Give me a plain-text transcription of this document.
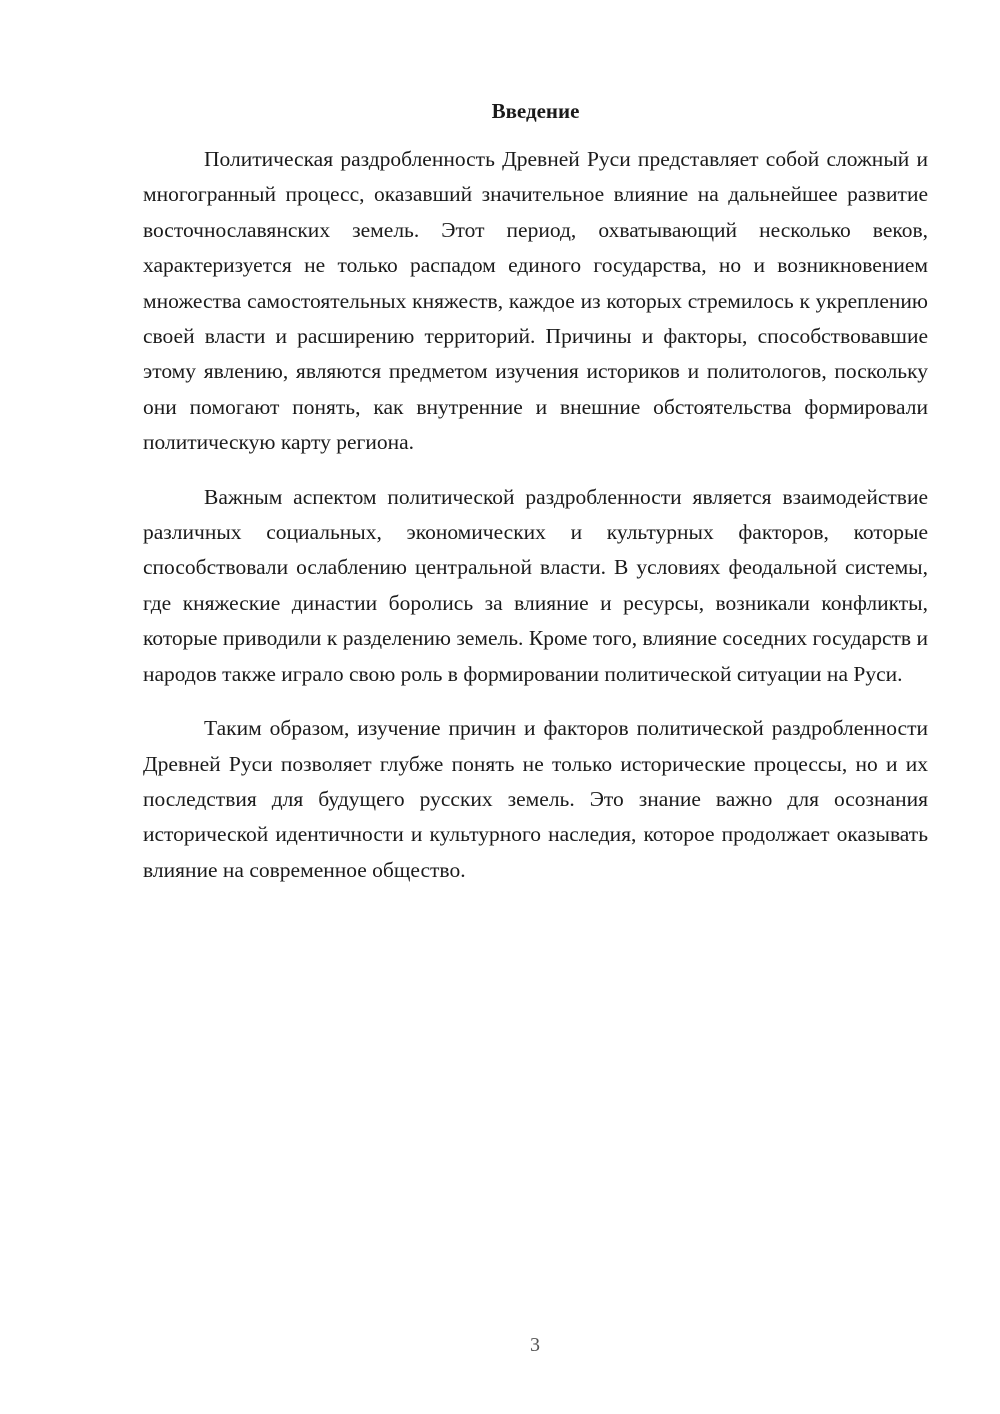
Введение

Политическая раздробленность Древней Руси представляет собой сложный и многогранный процесс, оказавший значительное влияние на дальнейшее развитие восточнославянских земель. Этот период, охватывающий несколько веков, характеризуется не только распадом единого государства, но и возникновением множества самостоятельных княжеств, каждое из которых стремилось к укреплению своей власти и расширению территорий. Причины и факторы, способствовавшие этому явлению, являются предметом изучения историков и политологов, поскольку они помогают понять, как внутренние и внешние обстоятельства формировали политическую карту региона.

Важным аспектом политической раздробленности является взаимодействие различных социальных, экономических и культурных факторов, которые способствовали ослаблению центральной власти. В условиях феодальной системы, где княжеские династии боролись за влияние и ресурсы, возникали конфликты, которые приводили к разделению земель. Кроме того, влияние соседних государств и народов также играло свою роль в формировании политической ситуации на Руси.

Таким образом, изучение причин и факторов политической раздробленности Древней Руси позволяет глубже понять не только исторические процессы, но и их последствия для будущего русских земель. Это знание важно для осознания исторической идентичности и культурного наследия, которое продолжает оказывать влияние на современное общество.

3
